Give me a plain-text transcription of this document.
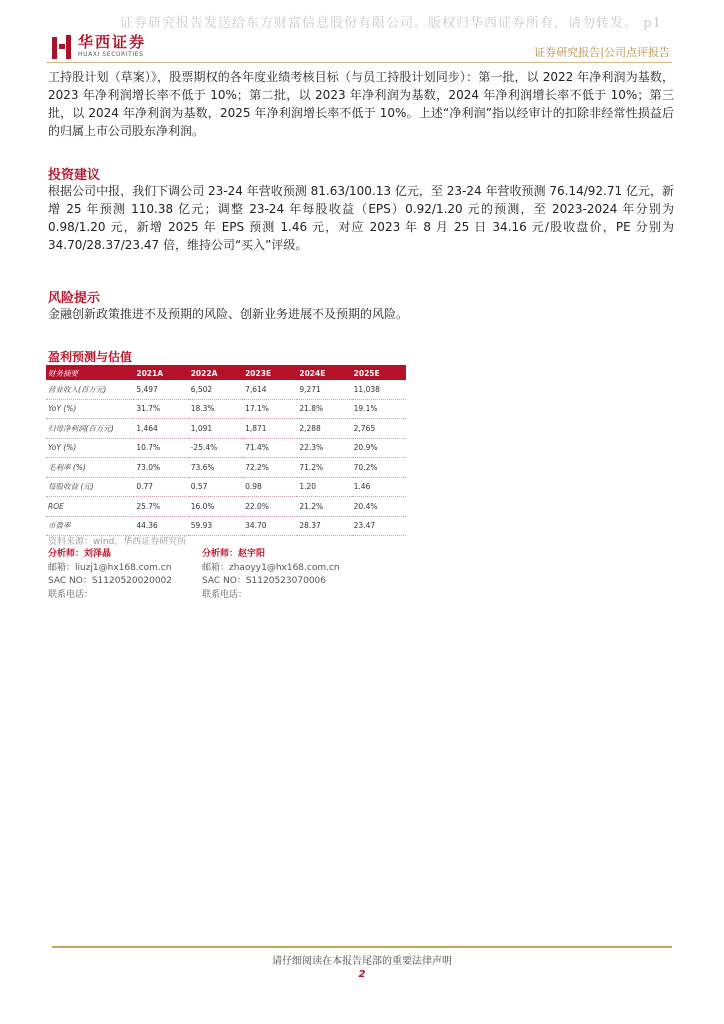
证券研究报告发送给东方财富信息股份有限公司。版权归华西证券所有，请勿转发。 p1
华西证券
HUAXI SECURITIES	证券研究报告|公司点评报告
工持股计划（草案）》，股票期权的各年度业绩考核目标（与员工持股计划同步）：第一批，以 2022 年净利润为基数，2023 年净利润增长率不低于 10%；第二批，以 2023 年净利润为基数，2024 年净利润增长率不低于 10%；第三批，以 2024 年净利润为基数，2025 年净利润增长率不低于 10%。上述“净利润”指以经审计的扣除非经常性损益后的归属上市公司股东净利润。
投资建议
根据公司中报，我们下调公司 23-24 年营收预测 81.63/100.13 亿元，至 23-24 年营收预测 76.14/92.71 亿元，新增 25 年预测 110.38 亿元；调整 23-24 年每股收益（EPS）0.92/1.20 元的预测，至 2023-2024 年分别为 0.98/1.20 元，新增 2025 年 EPS 预测 1.46 元，对应 2023 年 8 月 25 日 34.16 元/股收盘价，PE 分别为 34.70/28.37/23.47 倍，维持公司“买入”评级。
风险提示
金融创新政策推进不及预期的风险、创新业务进展不及预期的风险。
盈利预测与估值
财务摘要	2021A	2022A	2023E	2024E	2025E
营业收入(百万元)	5,497	6,502	7,614	9,271	11,038
YoY (%)	31.7%	18.3%	17.1%	21.8%	19.1%
归母净利润(百万元)	1,464	1,091	1,871	2,288	2,765
YoY (%)	10.7%	-25.4%	71.4%	22.3%	20.9%
毛利率 (%)	73.0%	73.6%	72.2%	71.2%	70.2%
每股收益 (元)	0.77	0.57	0.98	1.20	1.46
ROE	25.7%	16.0%	22.0%	21.2%	20.4%
市盈率	44.36	59.93	34.70	28.37	23.47
资料来源：wind，华西证券研究所
分析师：刘泽晶
邮箱：liuzj1@hx168.com.cn
SAC NO：S1120520020002
联系电话：
分析师：赵宇阳
邮箱：zhaoyy1@hx168.com.cn
SAC NO：S1120523070006
联系电话：
请仔细阅读在本报告尾部的重要法律声明
2
